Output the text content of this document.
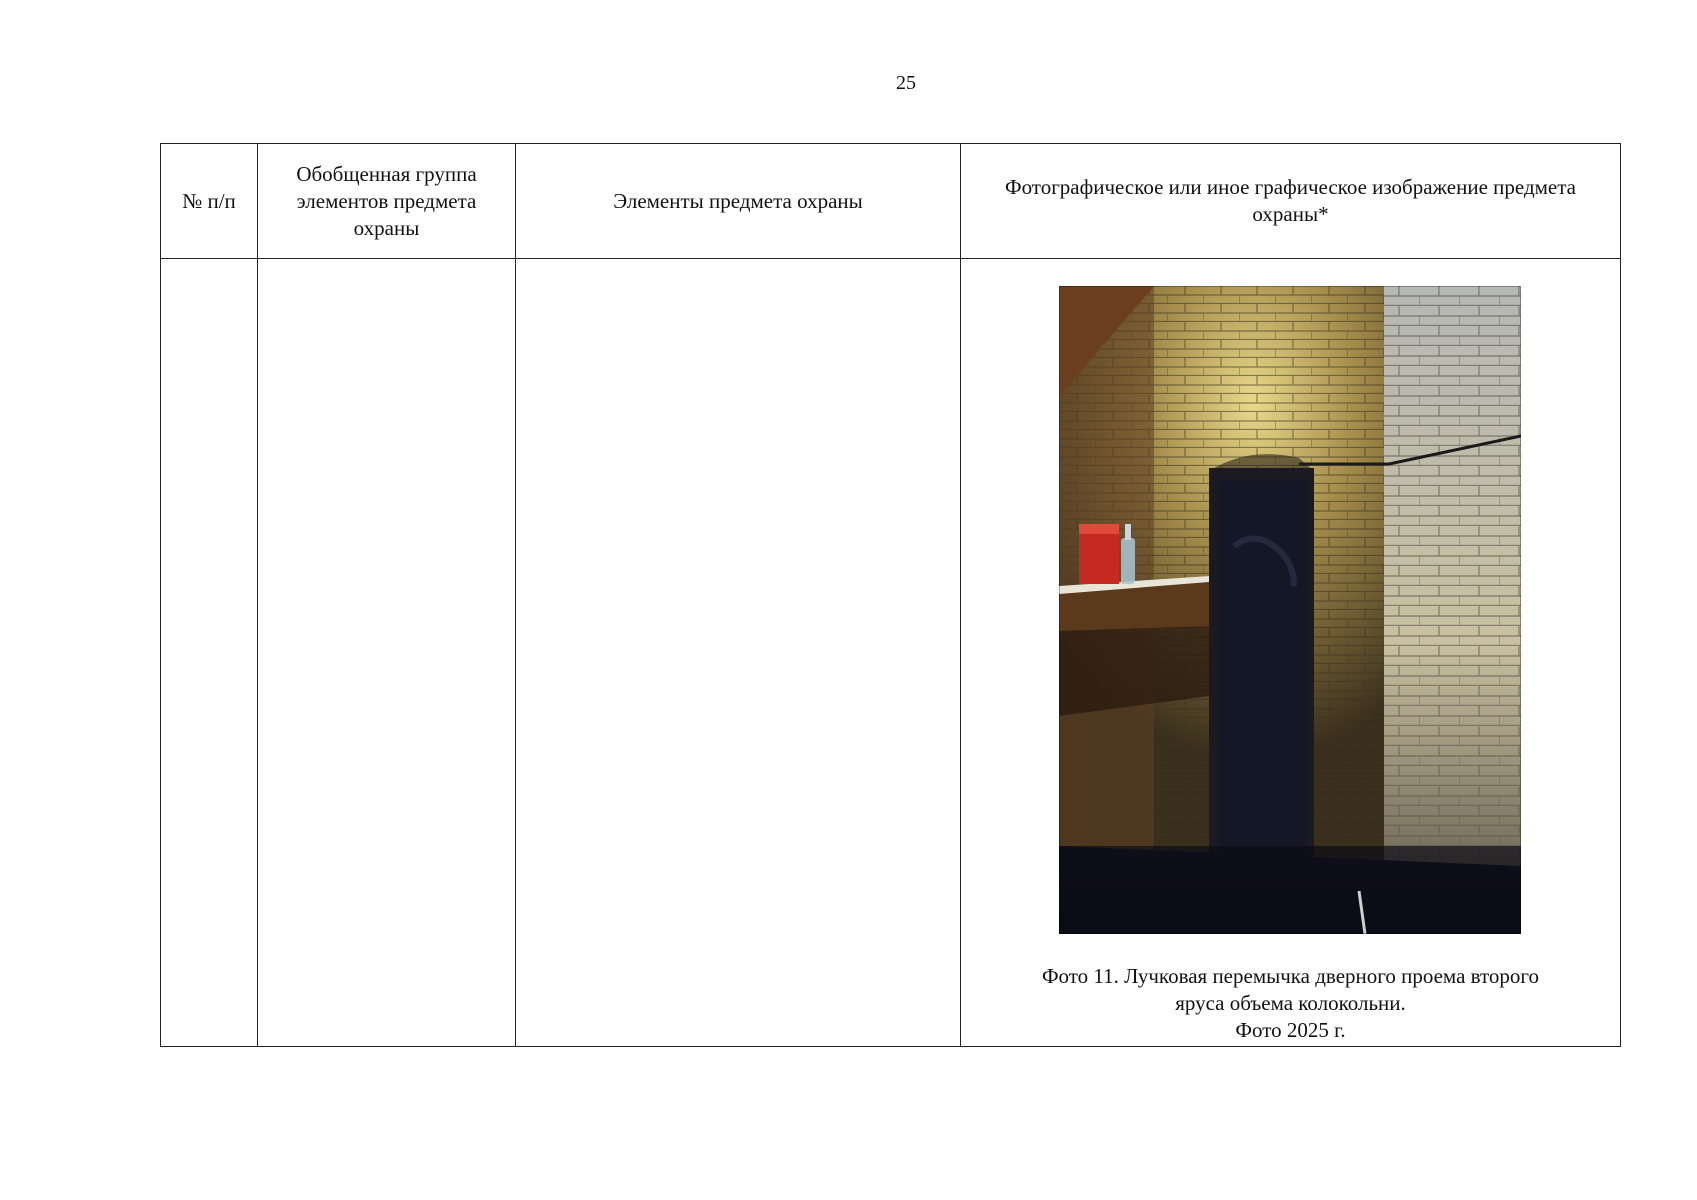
25
№ п/п	Обобщенная группа элементов предмета охраны	Элементы предмета охраны	Фотографическое или иное графическое изображение предмета охраны*

			Фото 11. Лучковая перемычка дверного проема второго
яруса объема колокольни.
Фото 2025 г.
